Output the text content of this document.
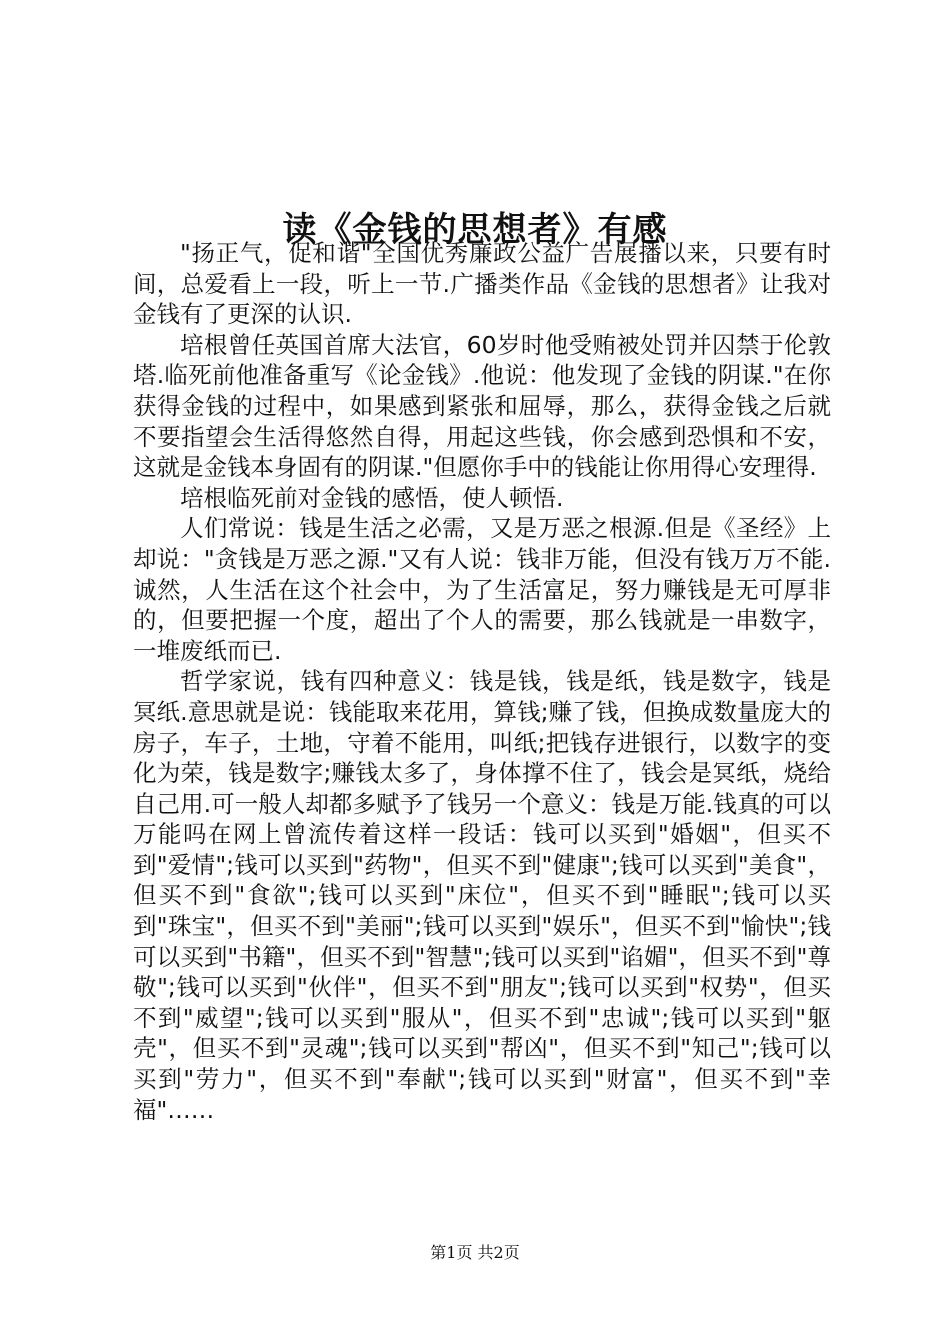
读《金钱的思想者》有感

"扬正气，促和谐"全国优秀廉政公益广告展播以来，只要有时间，总爱看上一段，听上一节.广播类作品《金钱的思想者》让我对金钱有了更深的认识.

培根曾任英国首席大法官，60岁时他受贿被处罚并囚禁于伦敦塔.临死前他准备重写《论金钱》.他说：他发现了金钱的阴谋."在你获得金钱的过程中，如果感到紧张和屈辱，那么，获得金钱之后就不要指望会生活得悠然自得，用起这些钱，你会感到恐惧和不安，这就是金钱本身固有的阴谋."但愿你手中的钱能让你用得心安理得.

培根临死前对金钱的感悟，使人顿悟.

人们常说：钱是生活之必需，又是万恶之根源.但是《圣经》上却说："贪钱是万恶之源."又有人说：钱非万能，但没有钱万万不能.诚然，人生活在这个社会中，为了生活富足，努力赚钱是无可厚非的，但要把握一个度，超出了个人的需要，那么钱就是一串数字，一堆废纸而已.

哲学家说，钱有四种意义：钱是钱，钱是纸，钱是数字，钱是冥纸.意思就是说：钱能取来花用，算钱;赚了钱，但换成数量庞大的房子，车子，土地，守着不能用，叫纸;把钱存进银行，以数字的变化为荣，钱是数字;赚钱太多了，身体撑不住了，钱会是冥纸，烧给自己用.可一般人却都多赋予了钱另一个意义：钱是万能.钱真的可以万能吗在网上曾流传着这样一段话：钱可以买到"婚姻"，但买不到"爱情";钱可以买到"药物"，但买不到"健康";钱可以买到"美食"，但买不到"食欲";钱可以买到"床位"，但买不到"睡眠";钱可以买到"珠宝"，但买不到"美丽";钱可以买到"娱乐"，但买不到"愉快";钱可以买到"书籍"，但买不到"智慧";钱可以买到"谄媚"，但买不到"尊敬";钱可以买到"伙伴"，但买不到"朋友";钱可以买到"权势"，但买不到"威望";钱可以买到"服从"，但买不到"忠诚";钱可以买到"躯壳"，但买不到"灵魂";钱可以买到"帮凶"，但买不到"知己";钱可以买到"劳力"，但买不到"奉献";钱可以买到"财富"，但买不到"幸福"……

第1页 共2页
